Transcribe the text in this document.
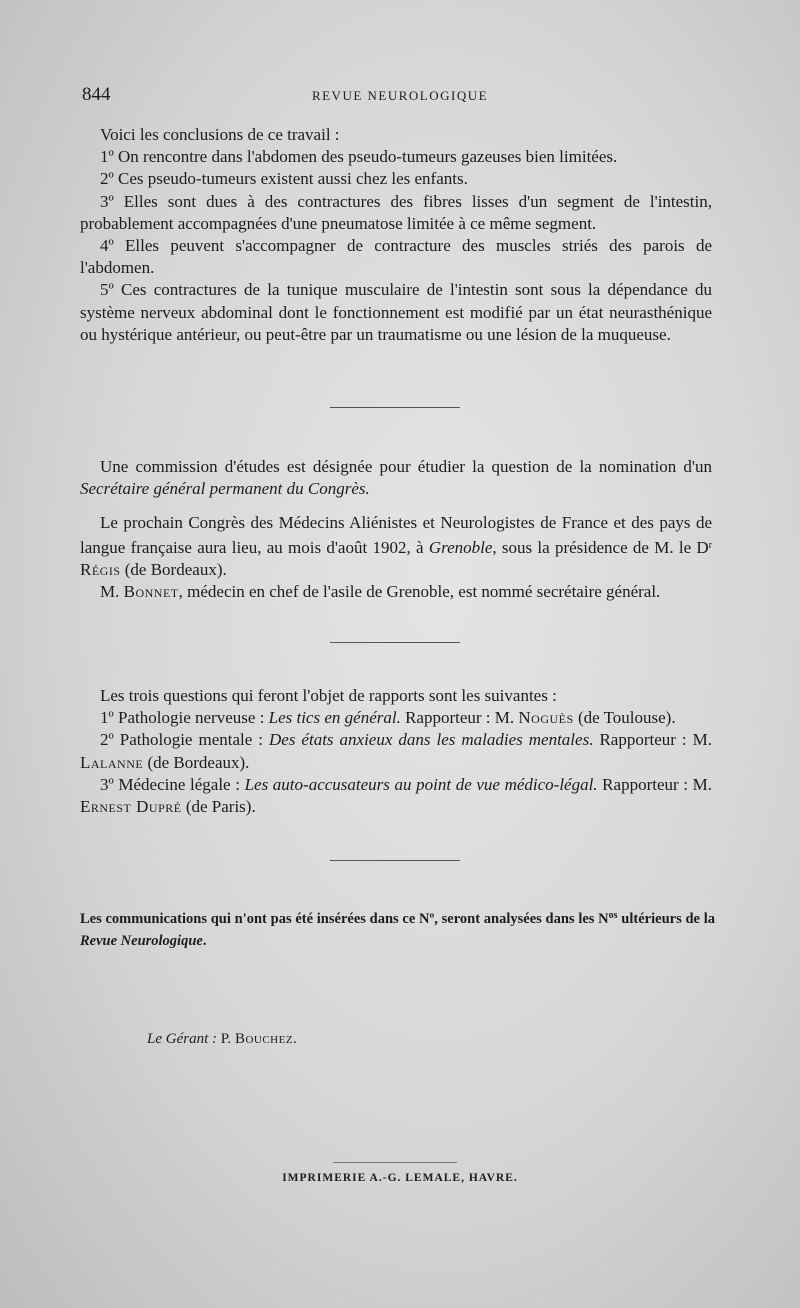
844	REVUE NEUROLOGIQUE

Voici les conclusions de ce travail :

1º On rencontre dans l'abdomen des pseudo-tumeurs gazeuses bien limitées.

2º Ces pseudo-tumeurs existent aussi chez les enfants.

3º Elles sont dues à des contractures des fibres lisses d'un segment de l'intestin, probablement accompagnées d'une pneumatose limitée à ce même segment.

4º Elles peuvent s'accompagner de contracture des muscles striés des parois de l'abdomen.

5º Ces contractures de la tunique musculaire de l'intestin sont sous la dépendance du système nerveux abdominal dont le fonctionnement est modifié par un état neurasthénique ou hystérique antérieur, ou peut-être par un traumatisme ou une lésion de la muqueuse.

Une commission d'études est désignée pour étudier la question de la nomination d'un Secrétaire général permanent du Congrès.

Le prochain Congrès des Médecins Aliénistes et Neurologistes de France et des pays de langue française aura lieu, au mois d'août 1902, à Grenoble, sous la présidence de M. le $D^r$ Régis (de Bordeaux).

M. Bonnet, médecin en chef de l'asile de Grenoble, est nommé secrétaire général.

Les trois questions qui feront l'objet de rapports sont les suivantes :

1º Pathologie nerveuse : Les tics en général. Rapporteur : M. Noguès (de Toulouse).

2º Pathologie mentale : Des états anxieux dans les maladies mentales. Rapporteur : M. Lalanne (de Bordeaux).

3º Médecine légale : Les auto-accusateurs au point de vue médico-légal. Rapporteur : M. Ernest Dupré (de Paris).

Les communications qui n'ont pas été insérées dans ce Nº, seront analysées dans les $N^{os}$ ultérieurs de la Revue Neurologique.
Le Gérant : P. Bouchez.
IMPRIMERIE A.-G. LEMALE, HAVRE.
